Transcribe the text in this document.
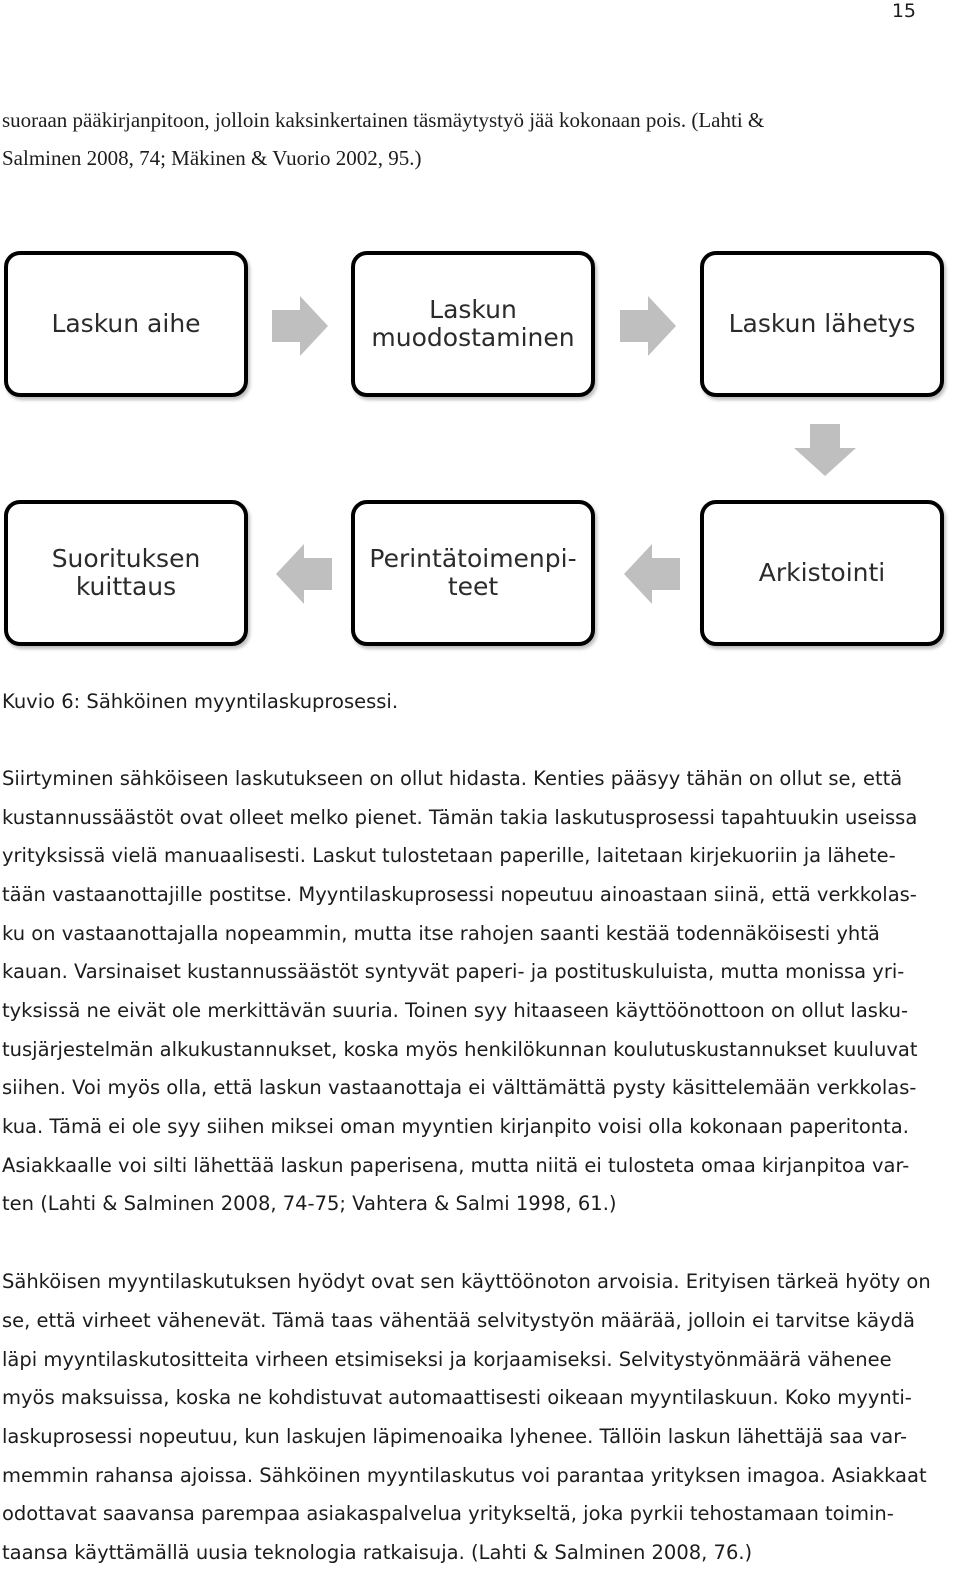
15
suoraan pääkirjanpitoon, jolloin kaksinkertainen täsmäytystyö jää kokonaan pois. (Lahti &
Salminen 2008, 74; Mäkinen & Vuorio 2002, 95.)
Laskun aihe	Laskun
muodostaminen	Laskun lähetys
Suorituksen
kuittaus
Perintätoimenpi-
teet	Arkistointi
Kuvio 6: Sähköinen myyntilaskuprosessi.
Siirtyminen sähköiseen laskutukseen on ollut hidasta. Kenties pääsyy tähän on ollut se, että
kustannussäästöt ovat olleet melko pienet. Tämän takia laskutusprosessi tapahtuukin useissa
yrityksissä vielä manuaalisesti. Laskut tulostetaan paperille, laitetaan kirjekuoriin ja lähete-
tään vastaanottajille postitse. Myyntilaskuprosessi nopeutuu ainoastaan siinä, että verkkolas-
ku on vastaanottajalla nopeammin, mutta itse rahojen saanti kestää todennäköisesti yhtä
kauan. Varsinaiset kustannussäästöt syntyvät paperi- ja postituskuluista, mutta monissa yri-
tyksissä ne eivät ole merkittävän suuria. Toinen syy hitaaseen käyttöönottoon on ollut lasku-
tusjärjestelmän alkukustannukset, koska myös henkilökunnan koulutuskustannukset kuuluvat
siihen. Voi myös olla, että laskun vastaanottaja ei välttämättä pysty käsittelemään verkkolas-
kua. Tämä ei ole syy siihen miksei oman myyntien kirjanpito voisi olla kokonaan paperitonta.
Asiakkaalle voi silti lähettää laskun paperisena, mutta niitä ei tulosteta omaa kirjanpitoa var-
ten (Lahti & Salminen 2008, 74-75; Vahtera & Salmi 1998, 61.)
Sähköisen myyntilaskutuksen hyödyt ovat sen käyttöönoton arvoisia. Erityisen tärkeä hyöty on
se, että virheet vähenevät. Tämä taas vähentää selvitystyön määrää, jolloin ei tarvitse käydä
läpi myyntilaskutositteita virheen etsimiseksi ja korjaamiseksi. Selvitystyönmäärä vähenee
myös maksuissa, koska ne kohdistuvat automaattisesti oikeaan myyntilaskuun. Koko myynti-
laskuprosessi nopeutuu, kun laskujen läpimenoaika lyhenee. Tällöin laskun lähettäjä saa var-
memmin rahansa ajoissa. Sähköinen myyntilaskutus voi parantaa yrityksen imagoa. Asiakkaat
odottavat saavansa parempaa asiakaspalvelua yritykseltä, joka pyrkii tehostamaan toimin-
taansa käyttämällä uusia teknologia ratkaisuja. (Lahti & Salminen 2008, 76.)
